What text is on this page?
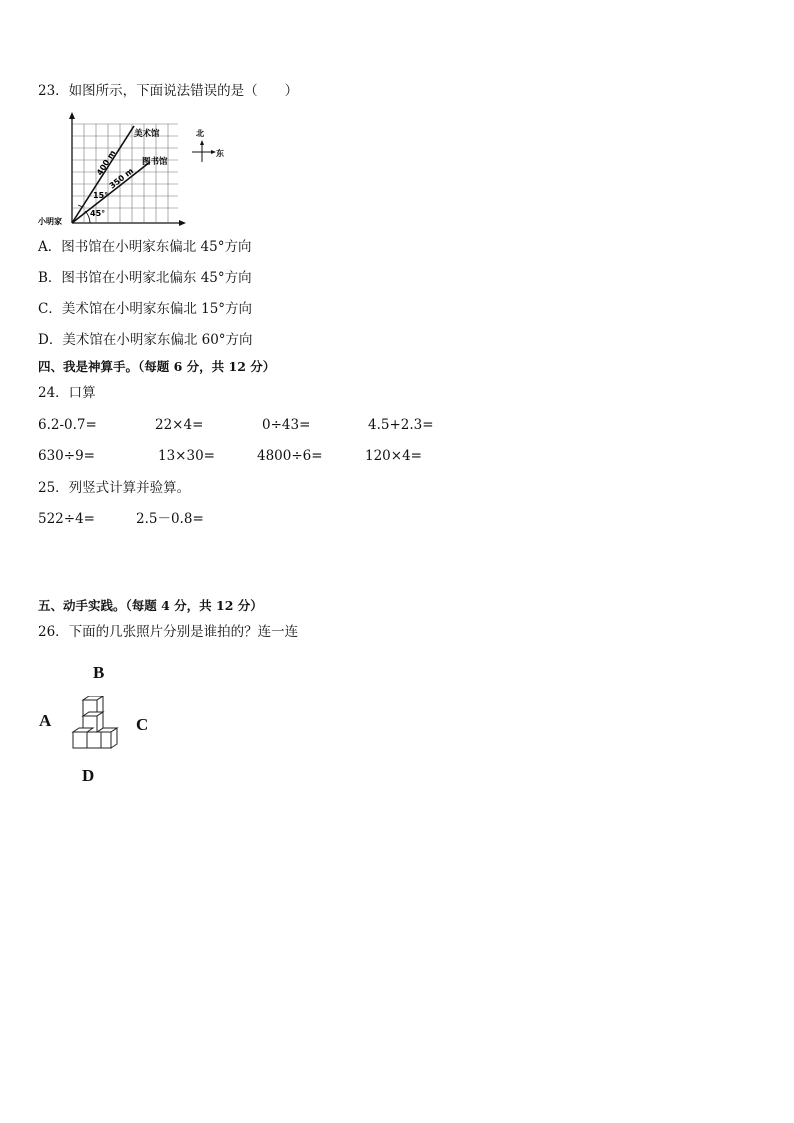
23．如图所示，下面说法错误的是（　　）
小明家
美术馆
图书馆
400 m
350 m
15°
45°
北
东
A．图书馆在小明家东偏北 45°方向
B．图书馆在小明家北偏东 45°方向
C．美术馆在小明家东偏北 15°方向
D．美术馆在小明家东偏北 60°方向
四、我是神算手。（每题 6 分，共 12 分）
24．口算
6.2-0.7=	22×4=	0÷43=	4.5+2.3=
630÷9=	13×30=	4800÷6=	120×4=
25．列竖式计算并验算。
522÷4=	2.5－0.8=
五、动手实践。（每题 4 分，共 12 分）
26．下面的几张照片分别是谁拍的？连一连
B
A	C
D
